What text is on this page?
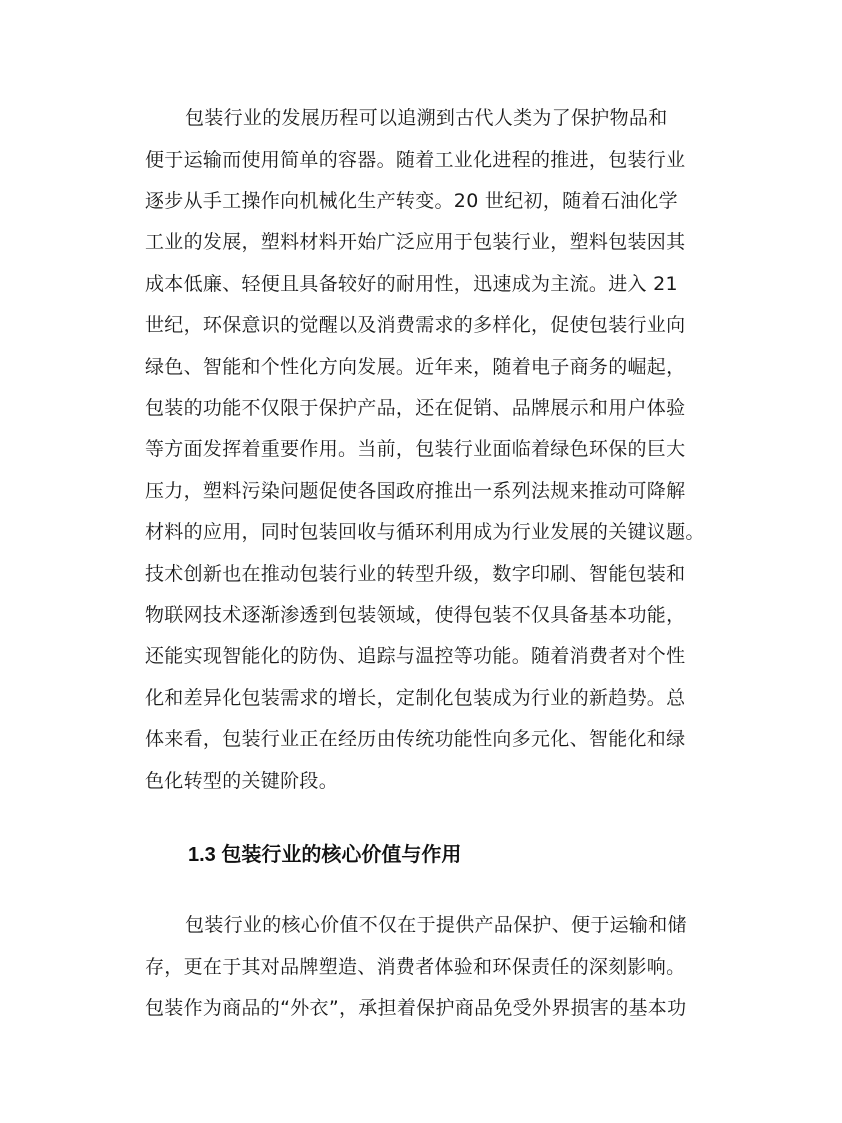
包装行业的发展历程可以追溯到古代人类为了保护物品和
便于运输而使用简单的容器。随着工业化进程的推进，包装行业
逐步从手工操作向机械化生产转变。20 世纪初，随着石油化学
工业的发展，塑料材料开始广泛应用于包装行业，塑料包装因其
成本低廉、轻便且具备较好的耐用性，迅速成为主流。进入 21
世纪，环保意识的觉醒以及消费需求的多样化，促使包装行业向
绿色、智能和个性化方向发展。近年来，随着电子商务的崛起，
包装的功能不仅限于保护产品，还在促销、品牌展示和用户体验
等方面发挥着重要作用。当前，包装行业面临着绿色环保的巨大
压力，塑料污染问题促使各国政府推出一系列法规来推动可降解
材料的应用，同时包装回收与循环利用成为行业发展的关键议题。
技术创新也在推动包装行业的转型升级，数字印刷、智能包装和
物联网技术逐渐渗透到包装领域，使得包装不仅具备基本功能，
还能实现智能化的防伪、追踪与温控等功能。随着消费者对个性
化和差异化包装需求的增长，定制化包装成为行业的新趋势。总
体来看，包装行业正在经历由传统功能性向多元化、智能化和绿
色化转型的关键阶段。
1.3 包装行业的核心价值与作用
包装行业的核心价值不仅在于提供产品保护、便于运输和储
存，更在于其对品牌塑造、消费者体验和环保责任的深刻影响。
包装作为商品的“外衣”，承担着保护商品免受外界损害的基本功
